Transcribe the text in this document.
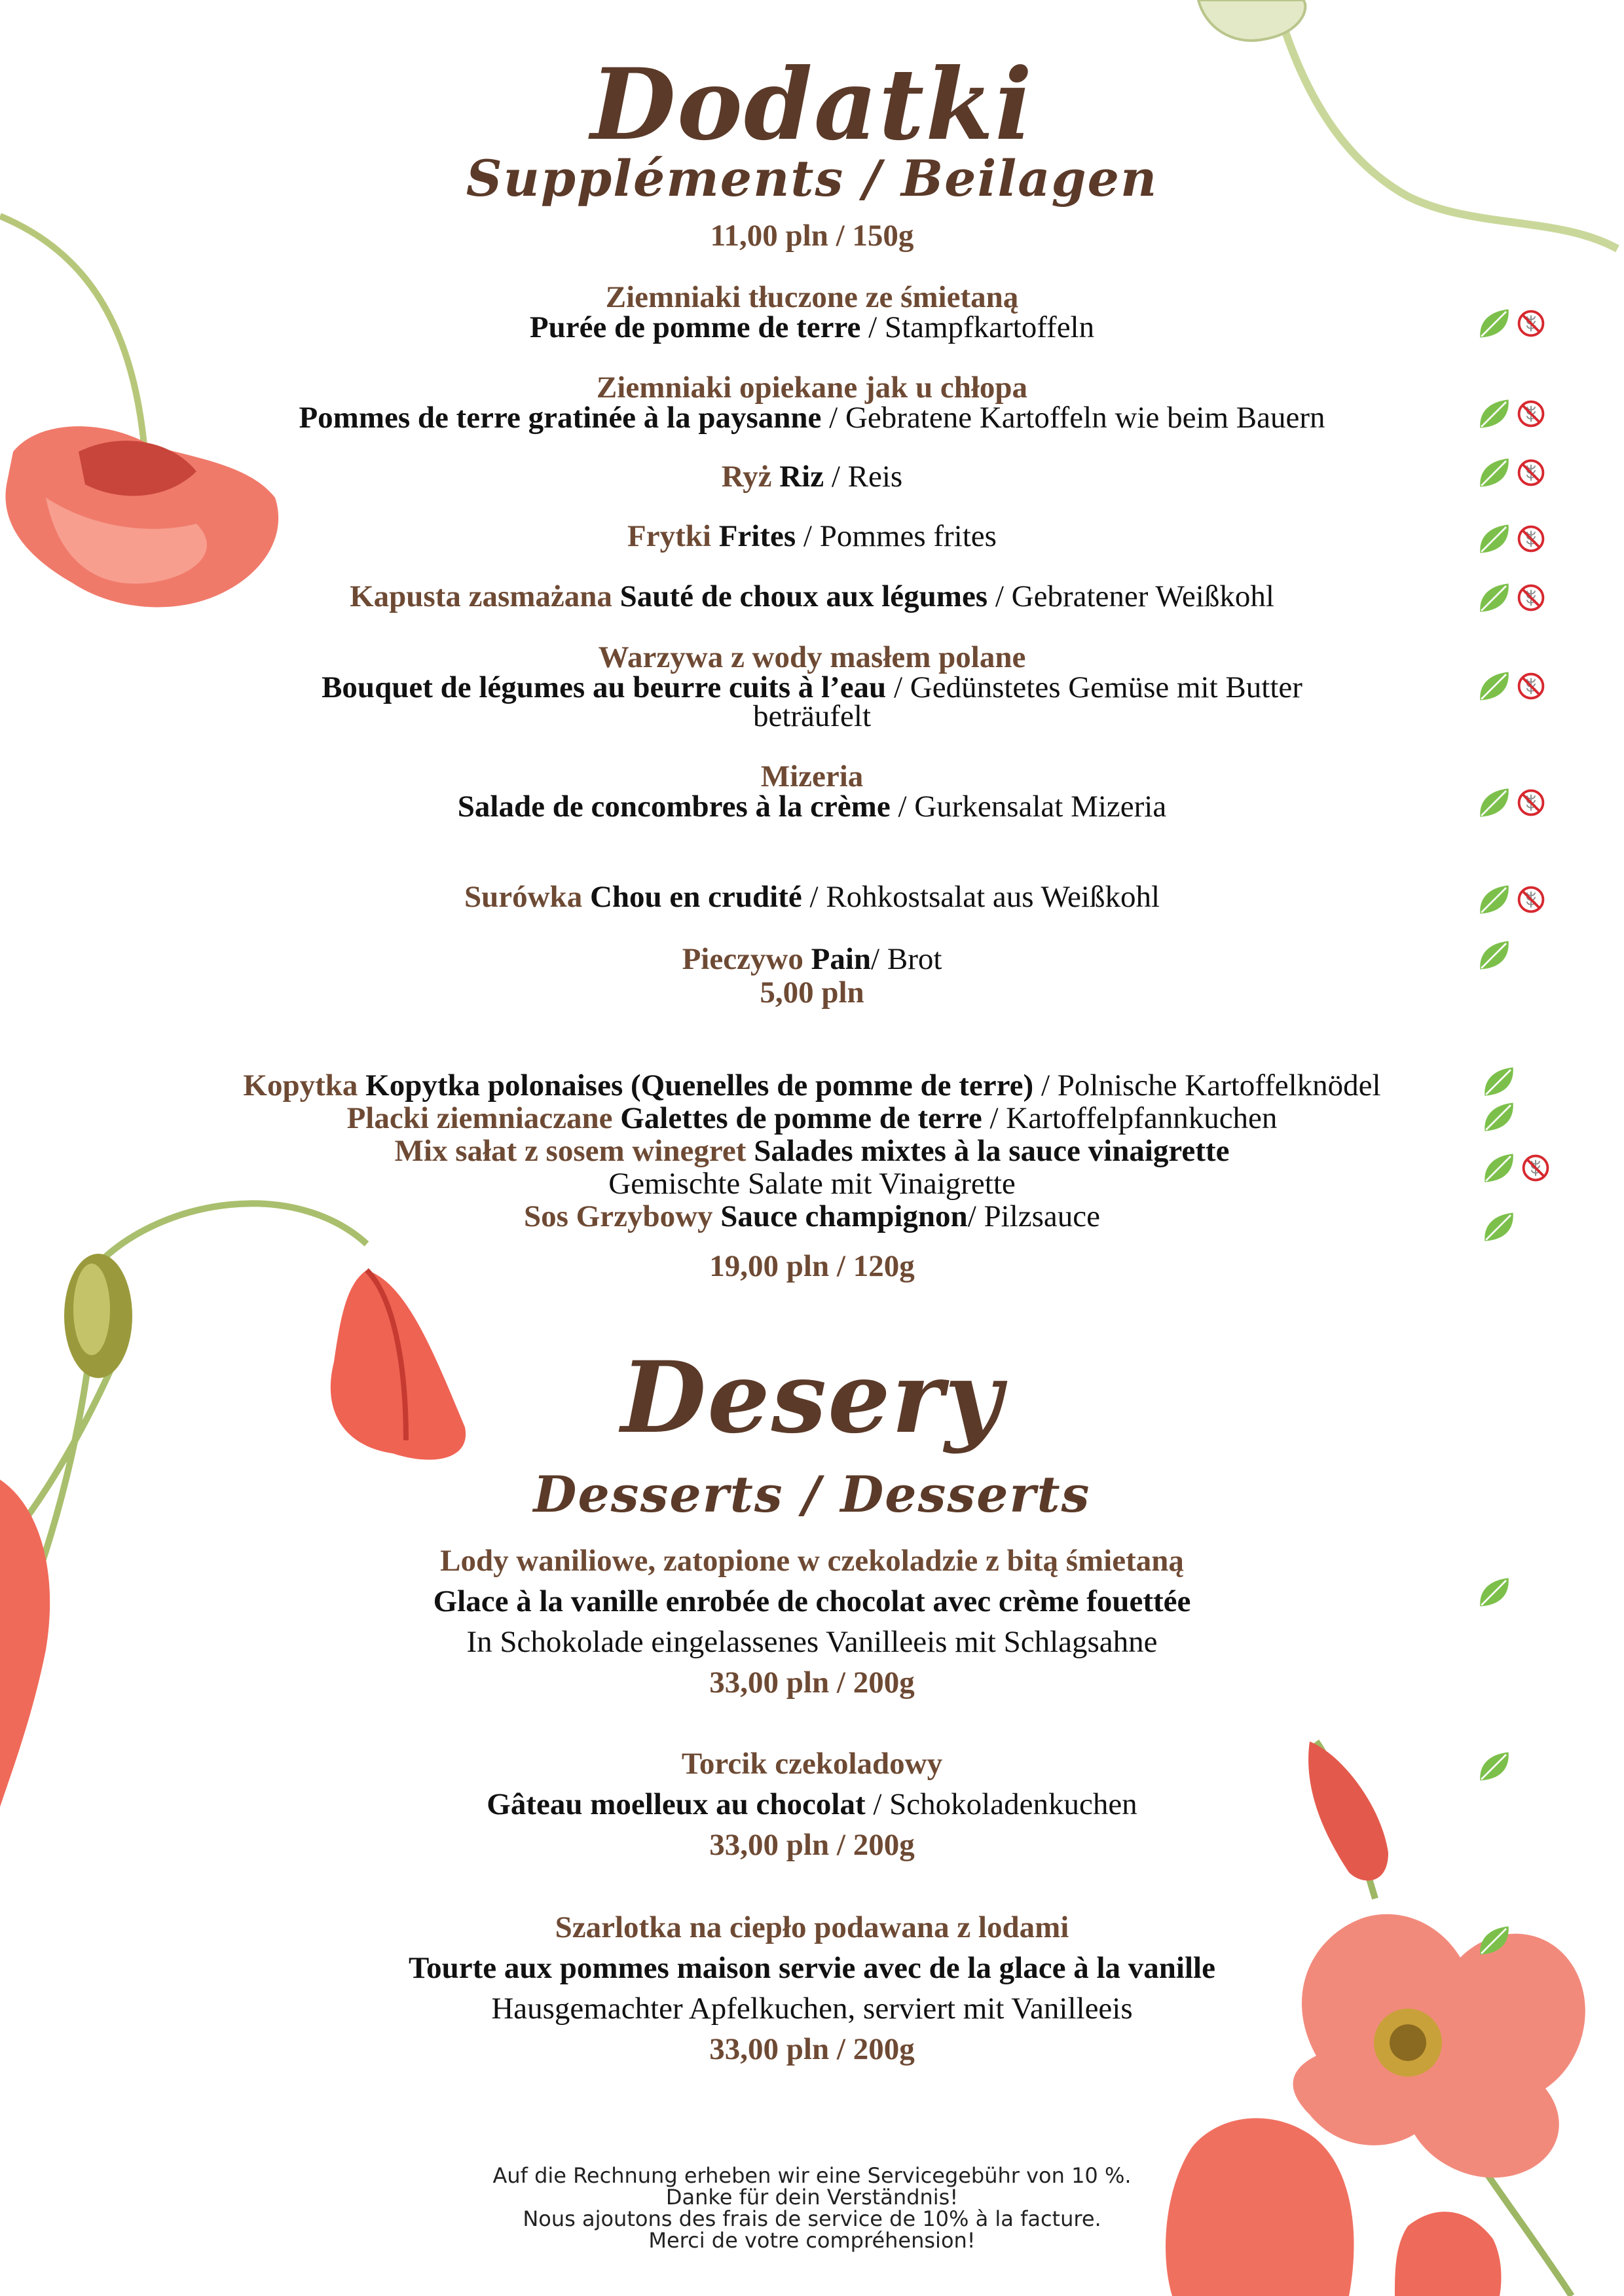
Dodatki
Suppléments / Beilagen
11,00 pln / 150g
Ziemniaki tłuczone ze śmietaną
Purée de pomme de terre / Stampfkartoffeln
Ziemniaki opiekane jak u chłopa
Pommes de terre gratinée à la paysanne / Gebratene Kartoffeln wie beim Bauern
Ryż Riz / Reis
Frytki Frites / Pommes frites
Kapusta zasmażana Sauté de choux aux légumes / Gebratener Weißkohl
Warzywa z wody masłem polane
Bouquet de légumes au beurre cuits à l’eau / Gedünstetes Gemüse mit Butter
beträufelt
Mizeria
Salade de concombres à la crème / Gurkensalat Mizeria
Surówka Chou en crudité / Rohkostsalat aus Weißkohl
Pieczywo Pain/ Brot
5,00 pln
Kopytka Kopytka polonaises (Quenelles de pomme de terre) / Polnische Kartoffelknödel
Placki ziemniaczane Galettes de pomme de terre / Kartoffelpfannkuchen
Mix sałat z sosem winegret Salades mixtes à la sauce vinaigrette
Gemischte Salate mit Vinaigrette
Sos Grzybowy Sauce champignon/ Pilzsauce
19,00 pln / 120g
Desery
Desserts / Desserts
Lody waniliowe, zatopione w czekoladzie z bitą śmietaną
Glace à la vanille enrobée de chocolat avec crème fouettée
In Schokolade eingelassenes Vanilleeis mit Schlagsahne
33,00 pln / 200g
Torcik czekoladowy
Gâteau moelleux au chocolat / Schokoladenkuchen
33,00 pln / 200g
Szarlotka na ciepło podawana z lodami
Tourte aux pommes maison servie avec de la glace à la vanille
Hausgemachter Apfelkuchen, serviert mit Vanilleeis
33,00 pln / 200g
Auf die Rechnung erheben wir eine Servicegebühr von 10 %.
Danke für dein Verständnis!
Nous ajoutons des frais de service de 10% à la facture.
Merci de votre compréhension!
